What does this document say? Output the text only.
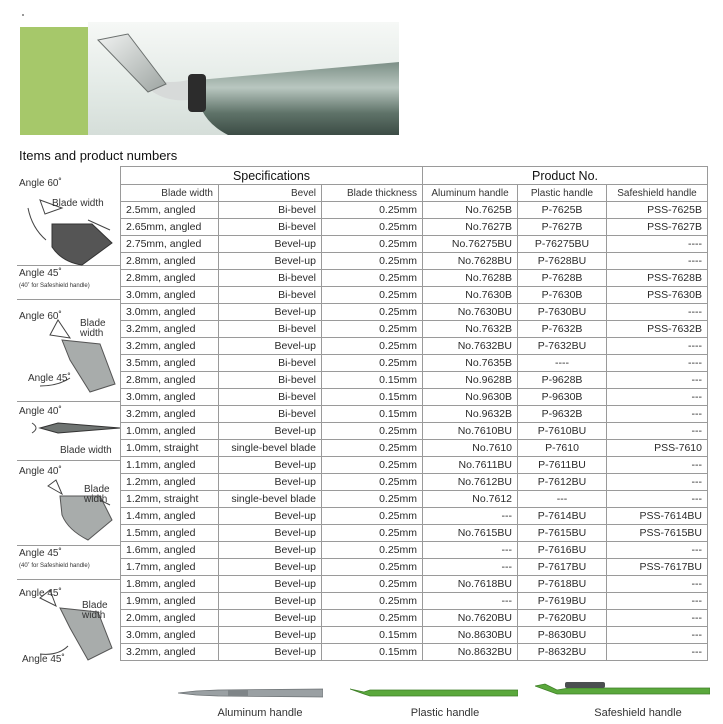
Items and product numbers
Angle 60˚
Blade width
Angle 45˚
(40˚ for Safeshield handle)
Angle 60˚
Blade
width
Angle 45˚
Angle 40˚
Blade width
Angle 40˚
Blade
width
Angle 45˚
(40˚ for Safeshield handle)
Angle 45˚
Blade
width
Angle 45˚
Specifications			Product No.		
Blade width	Bevel	Blade thickness	Aluminum handle	Plastic handle	Safeshield handle
2.5mm, angled	Bi-bevel	0.25mm	No.7625B	P-7625B	PSS-7625B
2.65mm, angled	Bi-bevel	0.25mm	No.7627B	P-7627B	PSS-7627B
2.75mm, angled	Bevel-up	0.25mm	No.76275BU	P-76275BU	----
2.8mm, angled	Bevel-up	0.25mm	No.7628BU	P-7628BU	----
2.8mm, angled	Bi-bevel	0.25mm	No.7628B	P-7628B	PSS-7628B
3.0mm, angled	Bi-bevel	0.25mm	No.7630B	P-7630B	PSS-7630B
3.0mm, angled	Bevel-up	0.25mm	No.7630BU	P-7630BU	----
3.2mm, angled	Bi-bevel	0.25mm	No.7632B	P-7632B	PSS-7632B
3.2mm, angled	Bevel-up	0.25mm	No.7632BU	P-7632BU	----
3.5mm, angled	Bi-bevel	0.25mm	No.7635B	----	----
2.8mm, angled	Bi-bevel	0.15mm	No.9628B	P-9628B	---
3.0mm, angled	Bi-bevel	0.15mm	No.9630B	P-9630B	---
3.2mm, angled	Bi-bevel	0.15mm	No.9632B	P-9632B	---
1.0mm, angled	Bevel-up	0.25mm	No.7610BU	P-7610BU	---
1.0mm, straight	single-bevel blade	0.25mm	No.7610	P-7610	PSS-7610
1.1mm, angled	Bevel-up	0.25mm	No.7611BU	P-7611BU	---
1.2mm, angled	Bevel-up	0.25mm	No.7612BU	P-7612BU	---
1.2mm, straight	single-bevel blade	0.25mm	No.7612	---	---
1.4mm, angled	Bevel-up	0.25mm	---	P-7614BU	PSS-7614BU
1.5mm, angled	Bevel-up	0.25mm	No.7615BU	P-7615BU	PSS-7615BU
1.6mm, angled	Bevel-up	0.25mm	---	P-7616BU	---
1.7mm, angled	Bevel-up	0.25mm	---	P-7617BU	PSS-7617BU
1.8mm, angled	Bevel-up	0.25mm	No.7618BU	P-7618BU	---
1.9mm, angled	Bevel-up	0.25mm	---	P-7619BU	---
2.0mm, angled	Bevel-up	0.25mm	No.7620BU	P-7620BU	---
3.0mm, angled	Bevel-up	0.15mm	No.8630BU	P-8630BU	---
3.2mm, angled	Bevel-up	0.15mm	No.8632BU	P-8632BU	---
Aluminum handle	Plastic handle	Safeshield handle
